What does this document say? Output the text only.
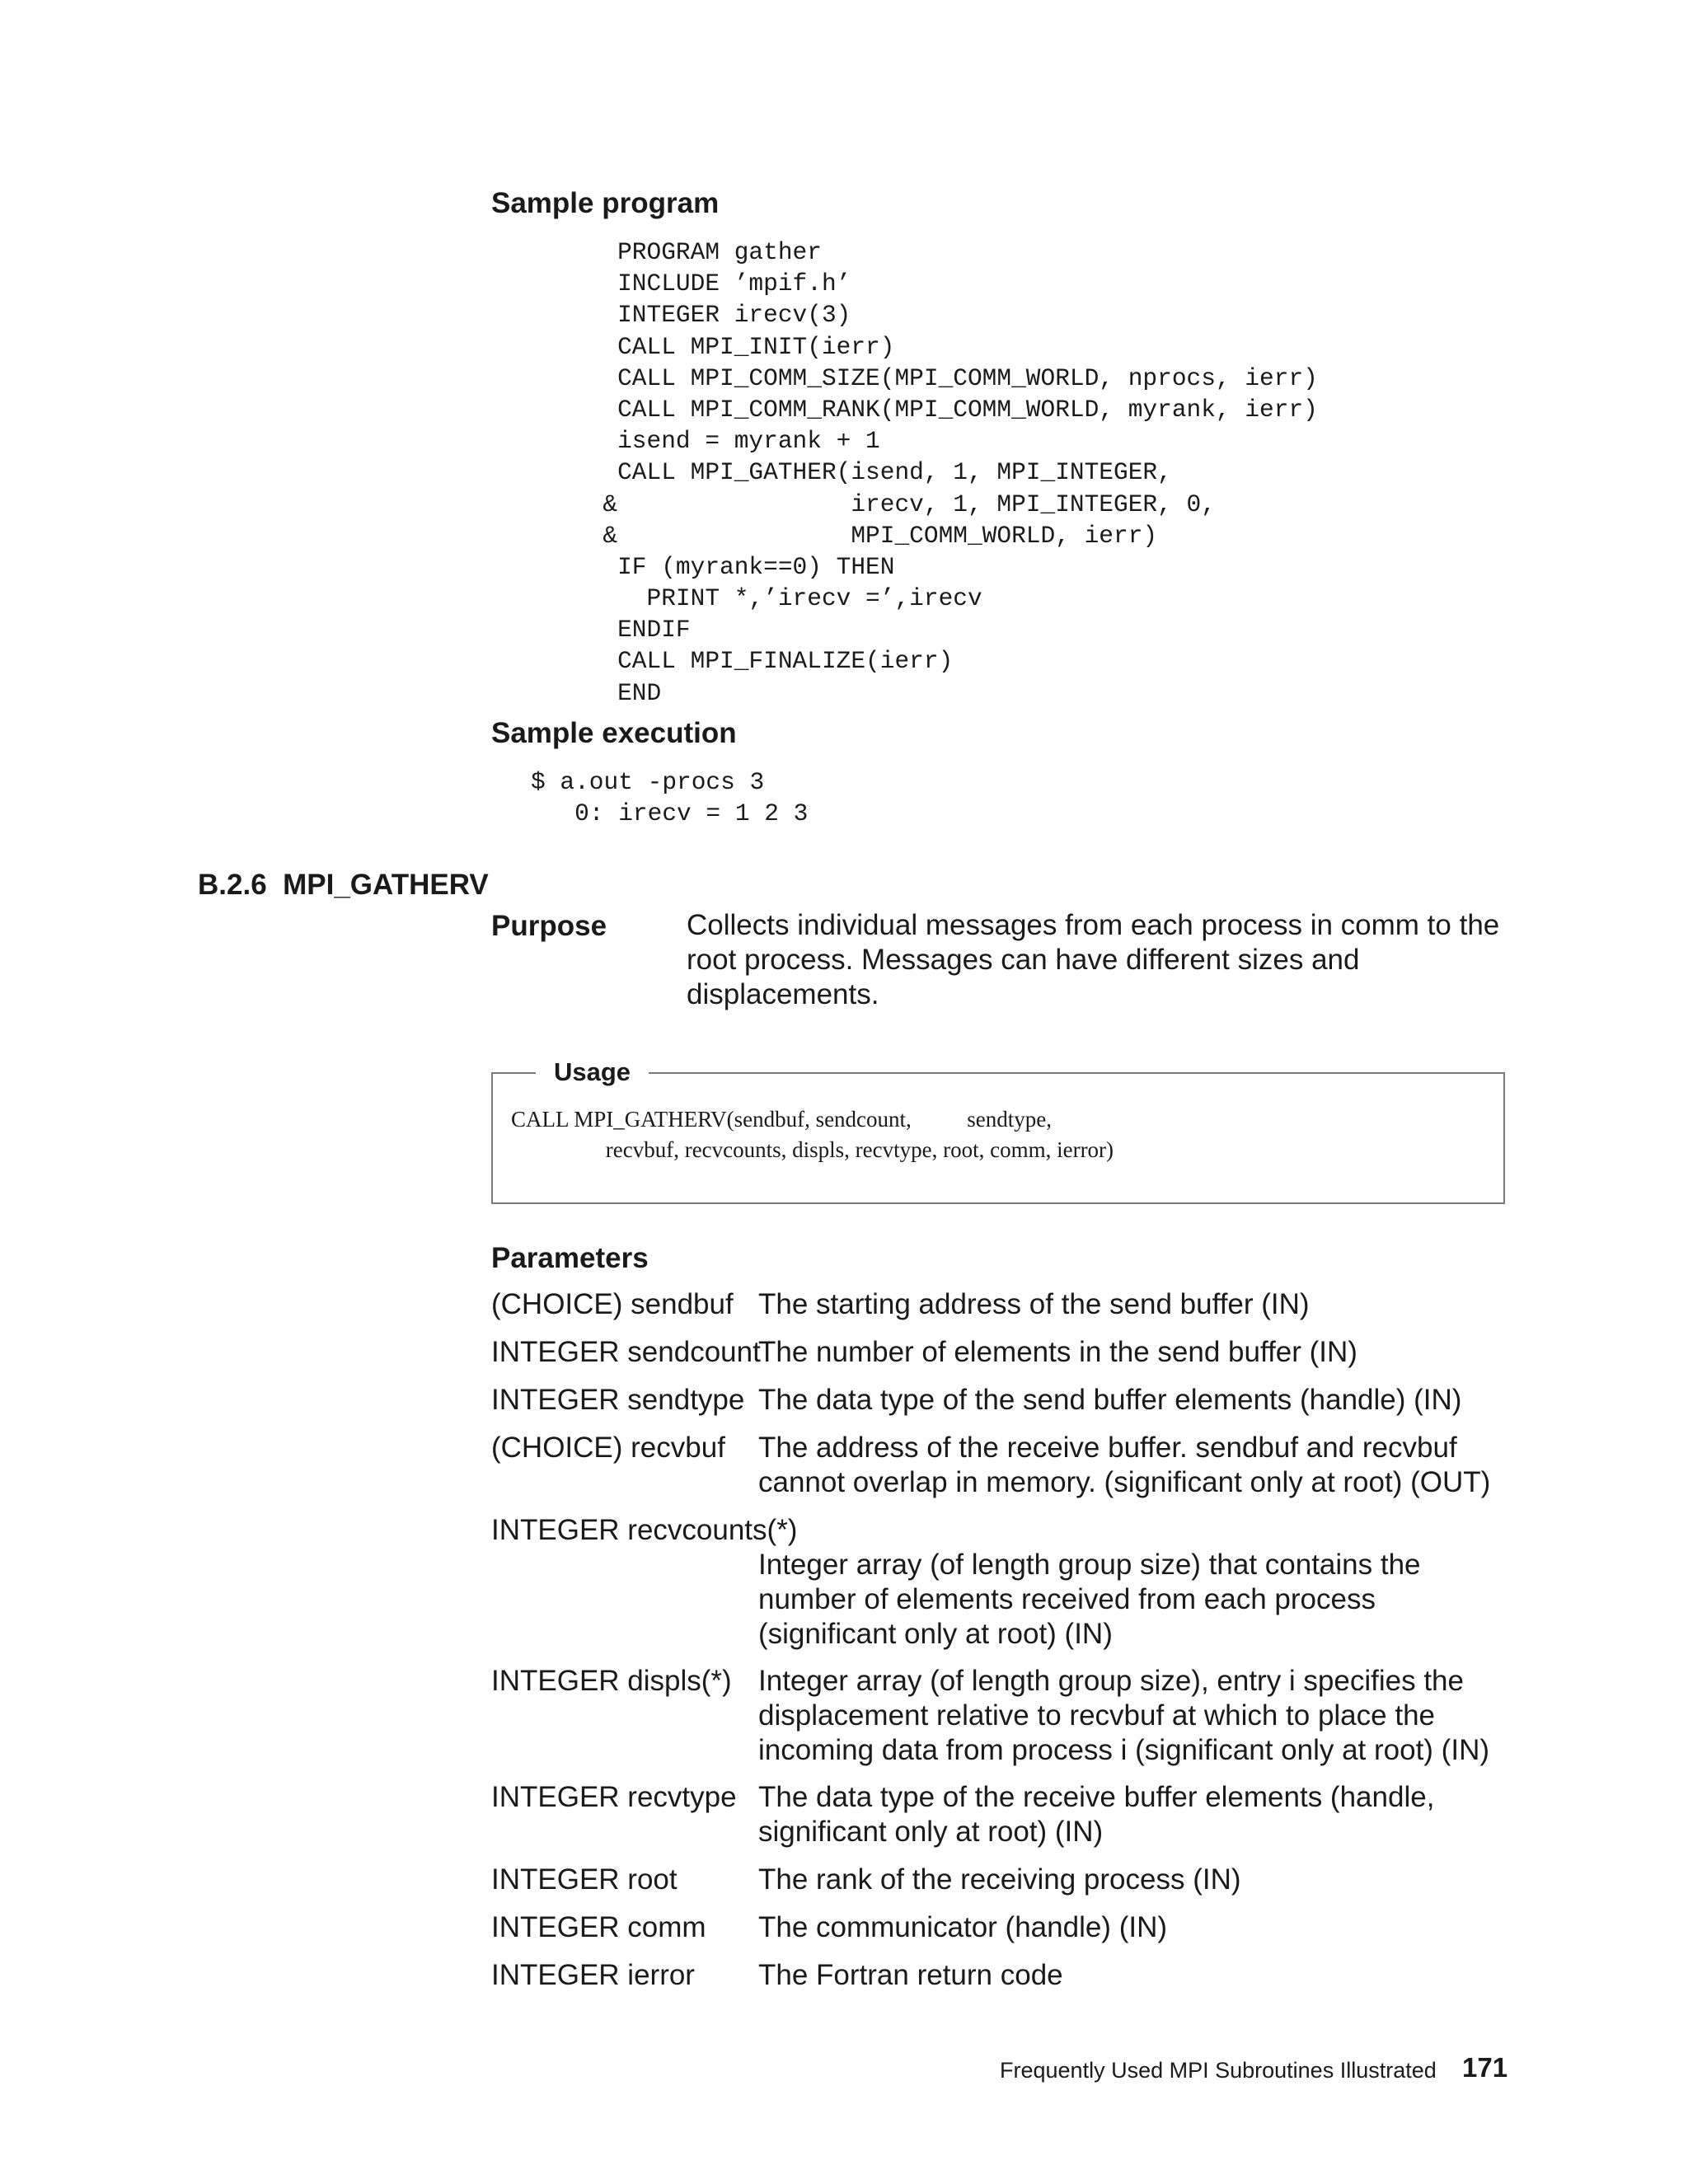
Sample program
PROGRAM gather
INCLUDE ’mpif.h’
INTEGER irecv(3)
CALL MPI_INIT(ierr)
CALL MPI_COMM_SIZE(MPI_COMM_WORLD, nprocs, ierr)
CALL MPI_COMM_RANK(MPI_COMM_WORLD, myrank, ierr)
isend = myrank + 1
CALL MPI_GATHER(isend, 1, MPI_INTEGER,
&                irecv, 1, MPI_INTEGER, 0,
&                MPI_COMM_WORLD, ierr)
IF (myrank==0) THEN
PRINT *,’irecv =’,irecv
ENDIF
CALL MPI_FINALIZE(ierr)
END
Sample execution
$ a.out -procs 3
0: irecv = 1 2 3
B.2.6 MPI_GATHERV
Purpose	Collects individual messages from each process in comm to the root process. Messages can have different sizes and displacements.
Usage
CALL MPI_GATHERV(sendbuf, sendcount,          sendtype,
recvbuf, recvcounts, displs, recvtype, root, comm, ierror)
Parameters
(CHOICE) sendbuf The starting address of the send buffer (IN)
INTEGER sendcount
The number of elements in the send buffer (IN)
INTEGER sendtype The data type of the send buffer elements (handle) (IN)
(CHOICE) recvbuf The address of the receive buffer. sendbuf and recvbuf cannot overlap in memory. (significant only at root) (OUT)
INTEGER recvcounts(*)
Integer array (of length group size) that contains the number of elements received from each process (significant only at root) (IN)
INTEGER displs(*) Integer array (of length group size), entry i specifies the displacement relative to recvbuf at which to place the incoming data from process i (significant only at root) (IN)
INTEGER recvtype The data type of the receive buffer elements (handle, significant only at root) (IN)
INTEGER root	The rank of the receiving process (IN)
INTEGER comm The communicator (handle) (IN)
INTEGER ierror The Fortran return code
Frequently Used MPI Subroutines Illustrated 171
